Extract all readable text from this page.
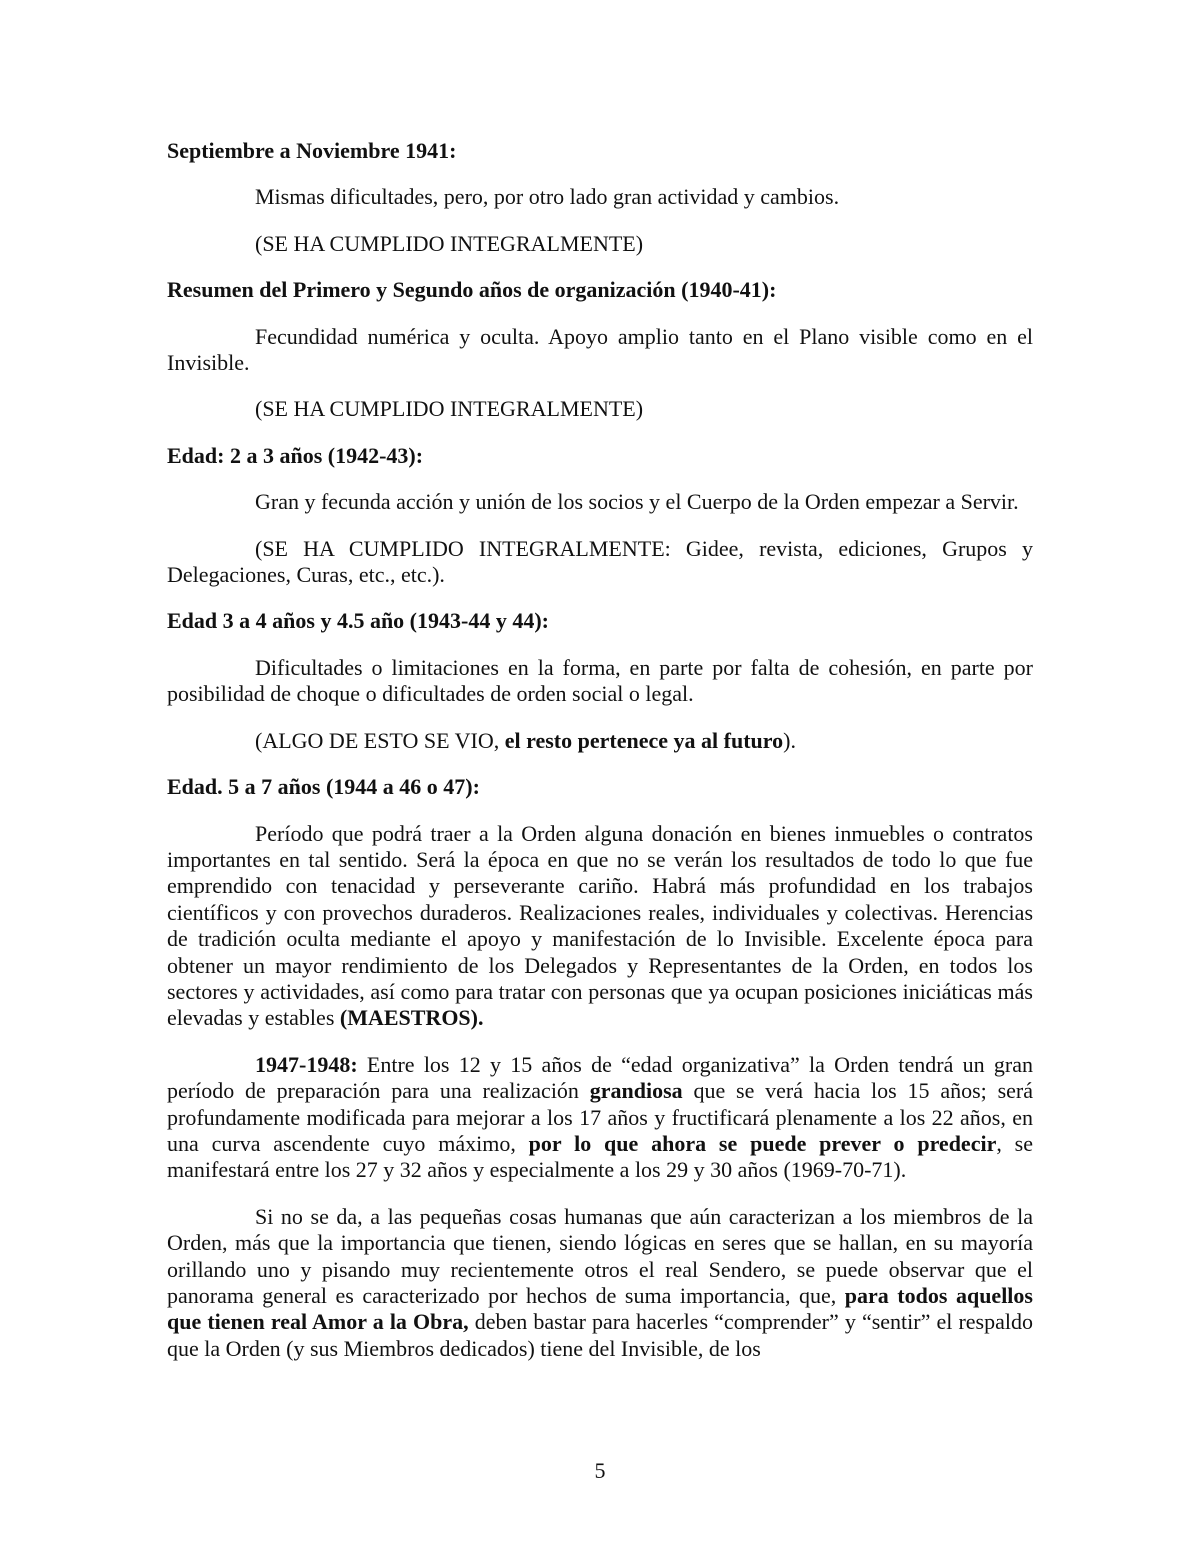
Septiembre a Noviembre 1941:
Mismas dificultades, pero, por otro lado gran actividad y cambios.
(SE HA CUMPLIDO INTEGRALMENTE)
Resumen del Primero y Segundo años de organización (1940-41):
Fecundidad numérica y oculta. Apoyo amplio tanto en el Plano visible como en el Invisible.
(SE HA CUMPLIDO INTEGRALMENTE)
Edad: 2 a 3 años (1942-43):
Gran y fecunda acción y unión de los socios y el Cuerpo de la Orden empezar a Servir.
(SE HA CUMPLIDO INTEGRALMENTE: Gidee, revista, ediciones, Grupos y Delegaciones, Curas, etc., etc.).
Edad 3 a 4 años y 4.5 año (1943-44 y 44):
Dificultades o limitaciones en la forma, en parte por falta de cohesión, en parte por posibilidad de choque o dificultades de orden social o legal.
(ALGO DE ESTO SE VIO, el resto pertenece ya al futuro).
Edad. 5 a 7 años (1944 a 46 o 47):
Período que podrá traer a la Orden alguna donación en bienes inmuebles o contratos importantes en tal sentido. Será la época en que no se verán los resultados de todo lo que fue emprendido con tenacidad y perseverante cariño. Habrá más profundidad en los trabajos científicos y con provechos duraderos. Realizaciones reales, individuales y colectivas. Herencias de tradición oculta mediante el apoyo y manifestación de lo Invisible. Excelente época para obtener un mayor rendimiento de los Delegados y Representantes de la Orden, en todos los sectores y actividades, así como para tratar con personas que ya ocupan posiciones iniciáticas más elevadas y estables (MAESTROS).
1947-1948: Entre los 12 y 15 años de “edad organizativa” la Orden tendrá un gran período de preparación para una realización grandiosa que se verá hacia los 15 años; será profundamente modificada para mejorar a los 17 años y fructificará plenamente a los 22 años, en una curva ascendente cuyo máximo, por lo que ahora se puede prever o predecir, se manifestará entre los 27 y 32 años y especialmente a los 29 y 30 años (1969-70-71).
Si no se da, a las pequeñas cosas humanas que aún caracterizan a los miembros de la Orden, más que la importancia que tienen, siendo lógicas en seres que se hallan, en su mayoría orillando uno y pisando muy recientemente otros el real Sendero, se puede observar que el panorama general es caracterizado por hechos de suma importancia, que, para todos aquellos que tienen real Amor a la Obra, deben bastar para hacerles “comprender” y “sentir” el respaldo que la Orden (y sus Miembros dedicados) tiene del Invisible, de los
5
